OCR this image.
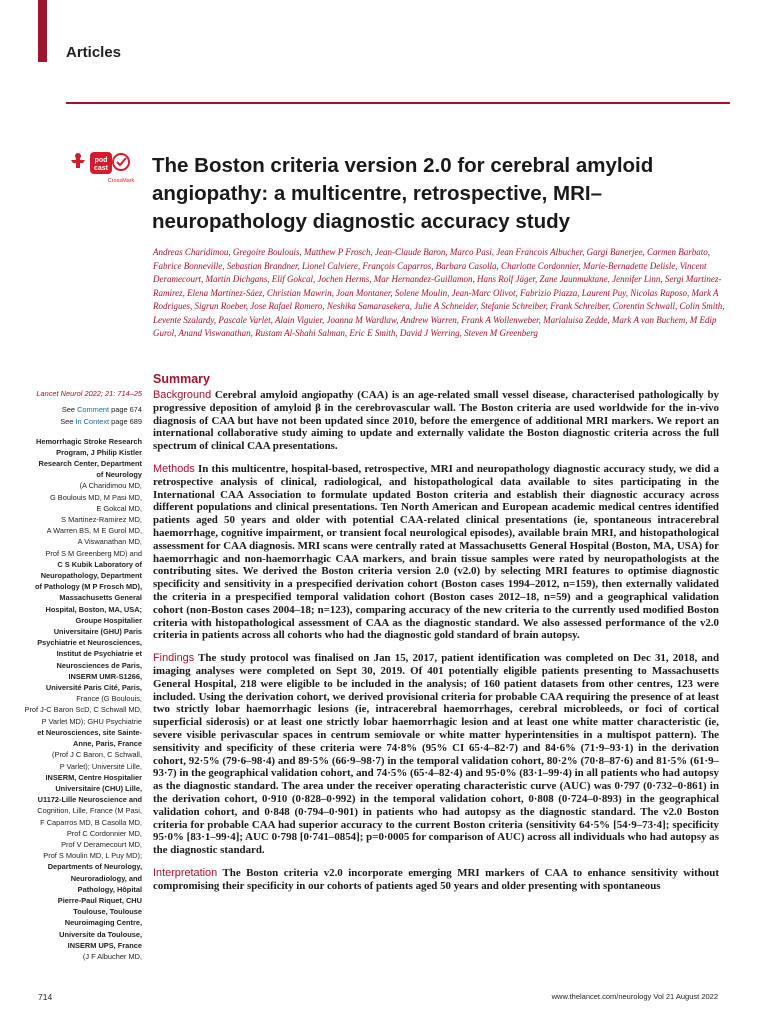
Articles
pod
cast
CrossMark
The Boston criteria version 2.0 for cerebral amyloid angiopathy: a multicentre, retrospective, MRI–neuropathology diagnostic accuracy study

Andreas Charidimou, Gregoire Boulouis, Matthew P Frosch, Jean-Claude Baron, Marco Pasi, Jean Francois Albucher, Gargi Banerjee, Carmen Barbato, Fabrice Bonneville, Sebastian Brandner, Lionel Calviere, François Caparros, Barbara Casolla, Charlotte Cordonnier, Marie-Bernadette Delisle, Vincent Deramecourt, Martin Dichgans, Elif Gokcal, Jochen Herms, Mar Hernandez-Guillamon, Hans Rolf Jäger, Zane Jaunmuktane, Jennifer Linn, Sergi Martinez-Ramirez, Elena Martínez-Sáez, Christian Mawrin, Joan Montaner, Solene Moulin, Jean-Marc Olivot, Fabrizio Piazza, Laurent Puy, Nicolas Raposo, Mark A Rodrigues, Sigrun Roeber, Jose Rafael Romero, Neshika Samarasekera, Julie A Schneider, Stefanie Schreiber, Frank Schreiber, Corentin Schwall, Colin Smith, Levente Szalardy, Pascale Varlet, Alain Viguier, Joanna M Wardlaw, Andrew Warren, Frank A Wollenweber, Marialuisa Zedde, Mark A van Buchem, M Edip Gurol, Anand Viswanathan, Rustam Al-Shahi Salman, Eric E Smith, David J Werring, Steven M Greenberg

Summary
Lancet Neurol 2022; 21: 714–25
See Comment page 674
See In Context page 689
Hemorrhagic Stroke Research
Program, J Philip Kistler
Research Center, Department
of Neurology
(A Charidimou MD,
G Boulouis MD, M Pasi MD,
E Gokcal MD,
S Martinez-Ramirez MD,
A Warren BS, M E Gurol MD,
A Viswanathan MD,
Prof S M Greenberg MD) and
C S Kubik Laboratory of
Neuropathology, Department
of Pathology (M P Frosch MD),
Massachusetts General
Hospital, Boston, MA, USA;
Groupe Hospitalier
Universitaire (GHU) Paris
Psychiatrie et Neurosciences,
Institut de Psychiatrie et
Neurosciences de Paris,
INSERM UMR-S1266,
Université Paris Cité, Paris,
France (G Boulouis,
Prof J-C Baron ScD, C Schwall MD,
P Varlet MD); GHU Psychiatrie
et Neurosciences, site Sainte-
Anne, Paris, France
(Prof J C Baron, C Schwall,
P Varlet); Université Lille,
INSERM, Centre Hospitalier
Universitaire (CHU) Lille,
U1172-Lille Neuroscience and
Cognition, Lille, France (M Pasi,
F Caparros MD, B Casolla MD,
Prof C Cordonnier MD,
Prof V Deramecourt MD,
Prof S Moulin MD, L Puy MD);
Departments of Neurology,
Neuroradiology, and
Pathology, Hôpital
Pierre-Paul Riquet, CHU
Toulouse, Toulouse
Neuroimaging Centre,
Universite da Toulouse,
INSERM UPS, France
(J F Albucher MD,

Background Cerebral amyloid angiopathy (CAA) is an age-related small vessel disease, characterised pathologically by progressive deposition of amyloid β in the cerebrovascular wall. The Boston criteria are used worldwide for the in-vivo diagnosis of CAA but have not been updated since 2010, before the emergence of additional MRI markers. We report an international collaborative study aiming to update and externally validate the Boston diagnostic criteria across the full spectrum of clinical CAA presentations.

Methods In this multicentre, hospital-based, retrospective, MRI and neuropathology diagnostic accuracy study, we did a retrospective analysis of clinical, radiological, and histopathological data available to sites participating in the International CAA Association to formulate updated Boston criteria and establish their diagnostic accuracy across different populations and clinical presentations. Ten North American and European academic medical centres identified patients aged 50 years and older with potential CAA-related clinical presentations (ie, spontaneous intracerebral haemorrhage, cognitive impairment, or transient focal neurological episodes), available brain MRI, and histopathological assessment for CAA diagnosis. MRI scans were centrally rated at Massachusetts General Hospital (Boston, MA, USA) for haemorrhagic and non-haemorrhagic CAA markers, and brain tissue samples were rated by neuropathologists at the contributing sites. We derived the Boston criteria version 2.0 (v2.0) by selecting MRI features to optimise diagnostic specificity and sensitivity in a prespecified derivation cohort (Boston cases 1994–2012, n=159), then externally validated the criteria in a prespecified temporal validation cohort (Boston cases 2012–18, n=59) and a geographical validation cohort (non-Boston cases 2004–18; n=123), comparing accuracy of the new criteria to the currently used modified Boston criteria with histopathological assessment of CAA as the diagnostic standard. We also assessed performance of the v2.0 criteria in patients across all cohorts who had the diagnostic gold standard of brain autopsy.

Findings The study protocol was finalised on Jan 15, 2017, patient identification was completed on Dec 31, 2018, and imaging analyses were completed on Sept 30, 2019. Of 401 potentially eligible patients presenting to Massachusetts General Hospital, 218 were eligible to be included in the analysis; of 160 patient datasets from other centres, 123 were included. Using the derivation cohort, we derived provisional criteria for probable CAA requiring the presence of at least two strictly lobar haemorrhagic lesions (ie, intracerebral haemorrhages, cerebral microbleeds, or foci of cortical superficial siderosis) or at least one strictly lobar haemorrhagic lesion and at least one white matter characteristic (ie, severe visible perivascular spaces in centrum semiovale or white matter hyperintensities in a multispot pattern). The sensitivity and specificity of these criteria were 74·8% (95% CI 65·4–82·7) and 84·6% (71·9–93·1) in the derivation cohort, 92·5% (79·6–98·4) and 89·5% (66·9–98·7) in the temporal validation cohort, 80·2% (70·8–87·6) and 81·5% (61·9–93·7) in the geographical validation cohort, and 74·5% (65·4–82·4) and 95·0% (83·1–99·4) in all patients who had autopsy as the diagnostic standard. The area under the receiver operating characteristic curve (AUC) was 0·797 (0·732–0·861) in the derivation cohort, 0·910 (0·828–0·992) in the temporal validation cohort, 0·808 (0·724–0·893) in the geographical validation cohort, and 0·848 (0·794–0·901) in patients who had autopsy as the diagnostic standard. The v2.0 Boston criteria for probable CAA had superior accuracy to the current Boston criteria (sensitivity 64·5% [54·9–73·4]; specificity 95·0% [83·1–99·4]; AUC 0·798 [0·741–0854]; p=0·0005 for comparison of AUC) across all individuals who had autopsy as the diagnostic standard.

Interpretation The Boston criteria v2.0 incorporate emerging MRI markers of CAA to enhance sensitivity without compromising their specificity in our cohorts of patients aged 50 years and older presenting with spontaneous

714	www.thelancet.com/neurology Vol 21 August 2022
